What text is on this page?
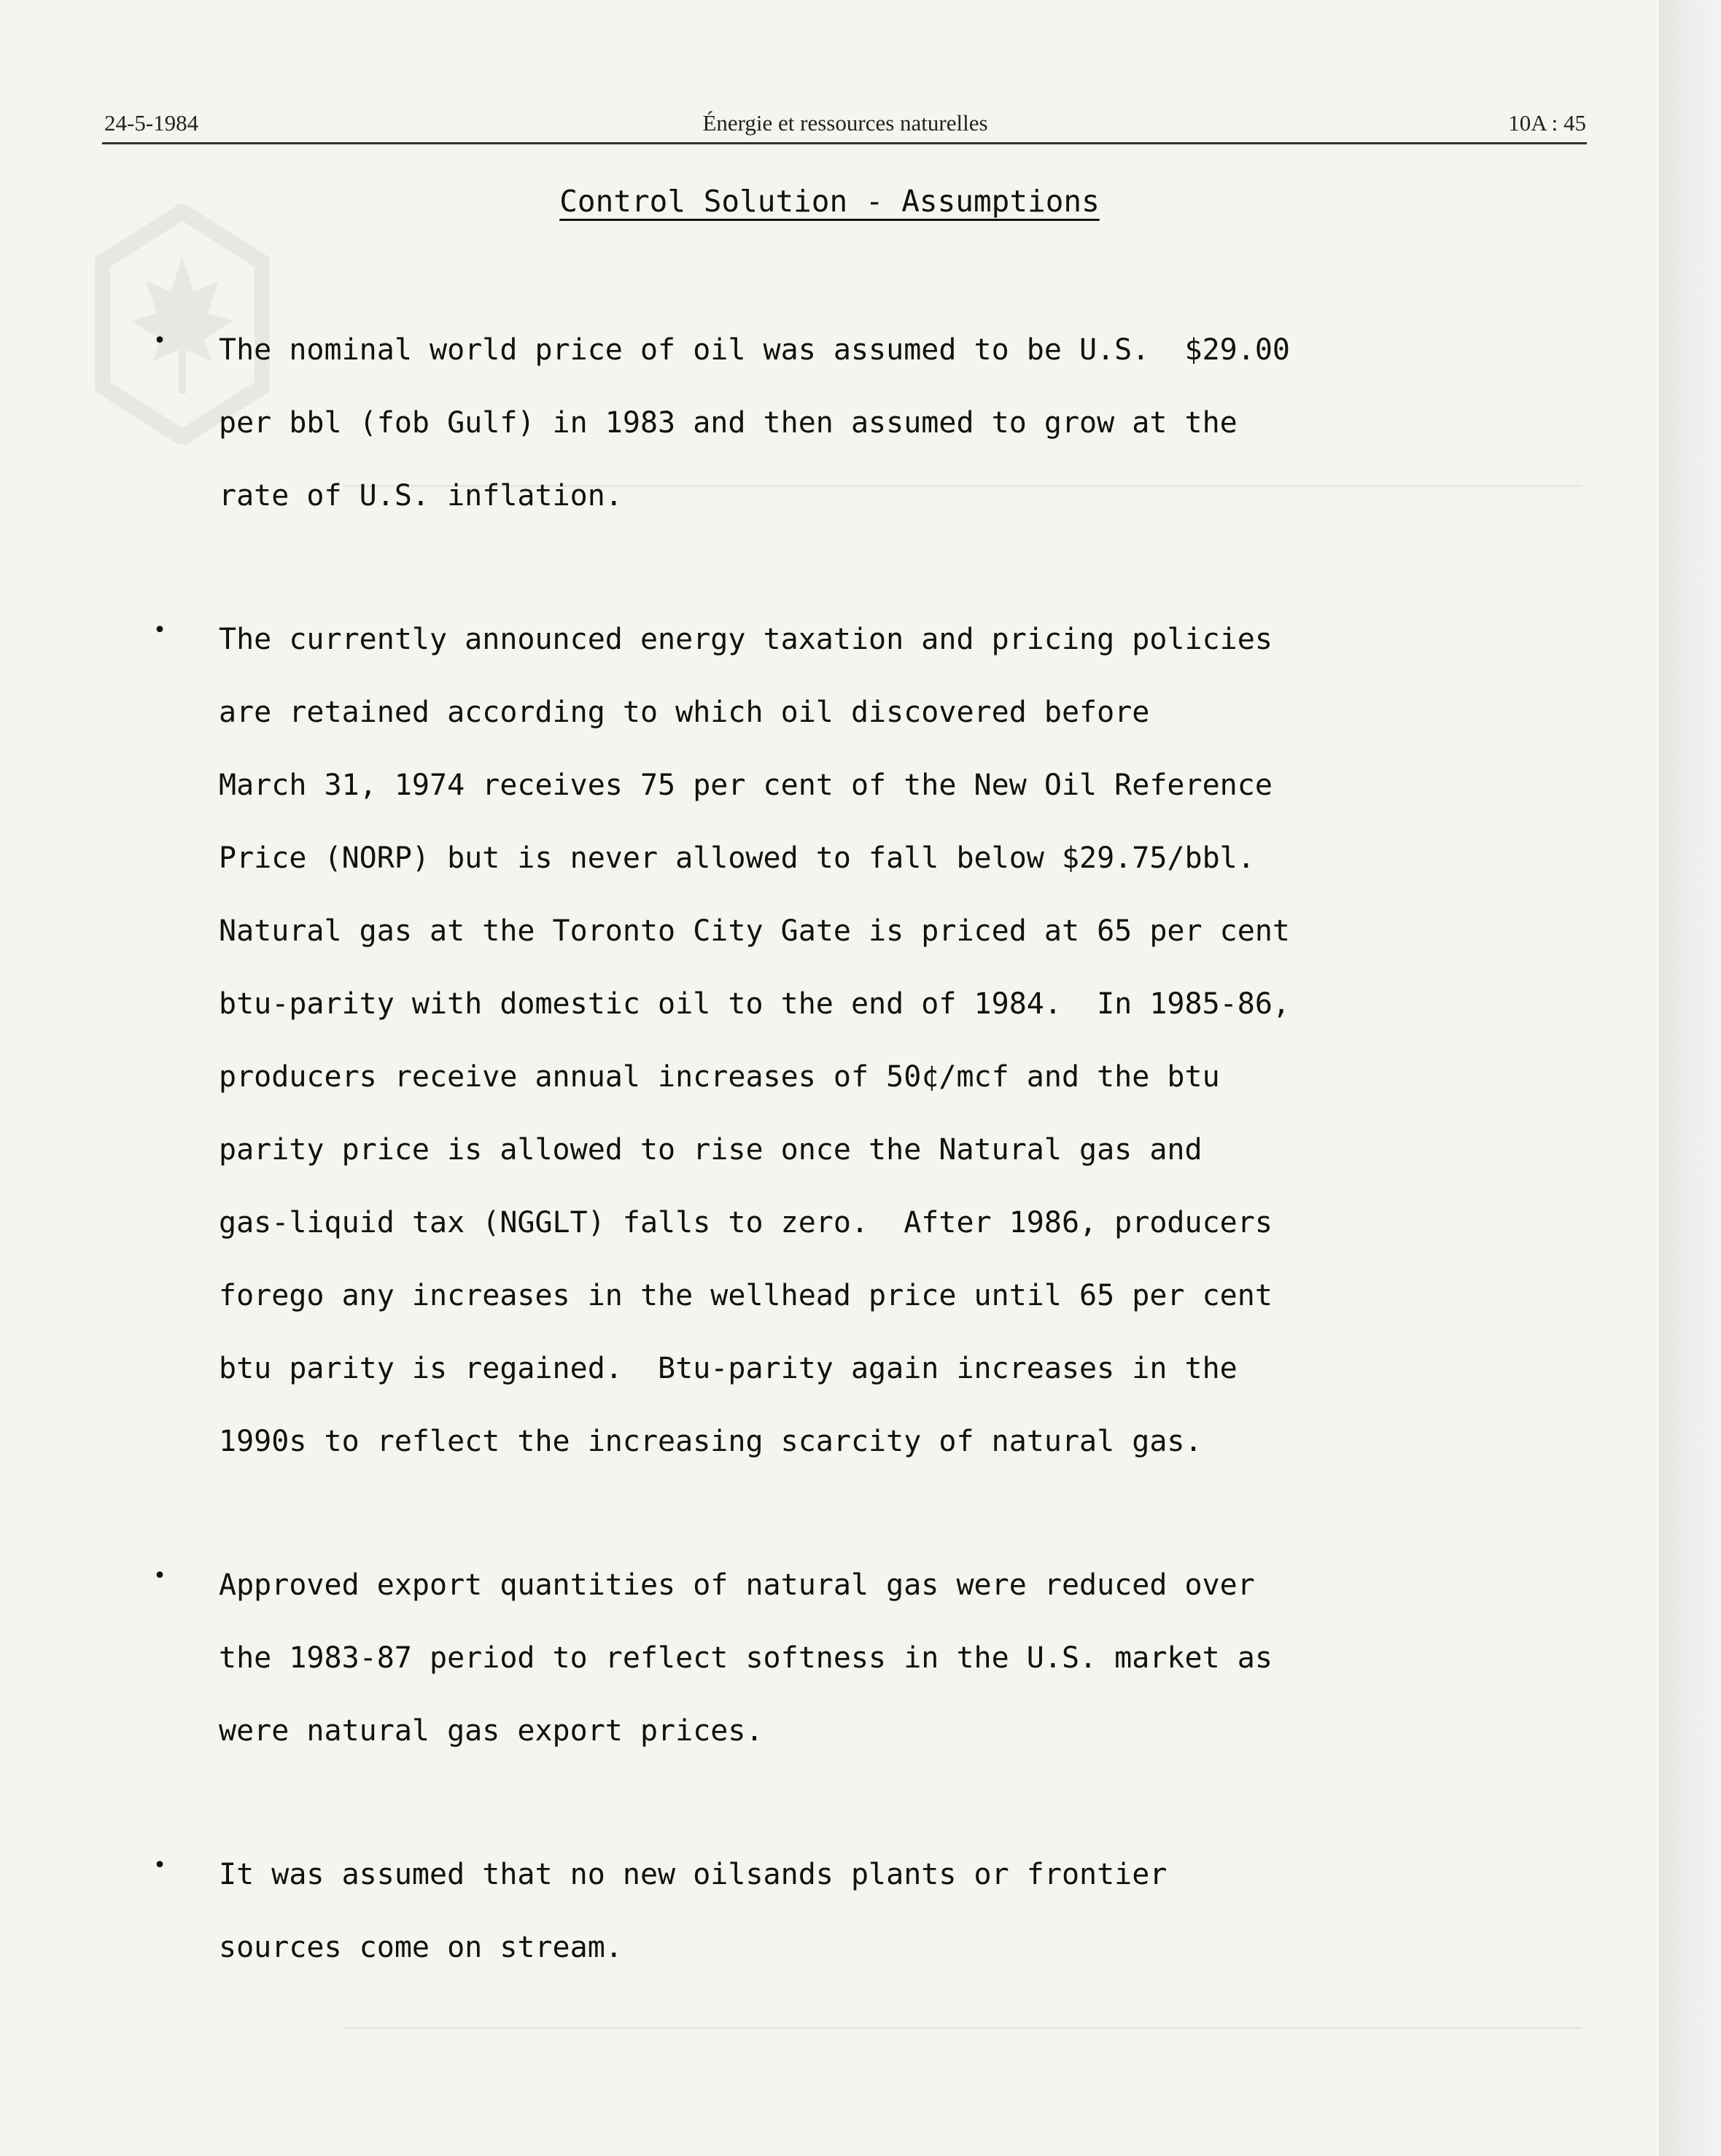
24-5-1984	Énergie et ressources naturelles	10A : 45
Control Solution - Assumptions
• The nominal world price of oil was assumed to be U.S.  $29.00
per bbl (fob Gulf) in 1983 and then assumed to grow at the
rate of U.S. inflation.
• The currently announced energy taxation and pricing policies
are retained according to which oil discovered before
March 31, 1974 receives 75 per cent of the New Oil Reference
Price (NORP) but is never allowed to fall below $29.75/bbl.
Natural gas at the Toronto City Gate is priced at 65 per cent
btu-parity with domestic oil to the end of 1984.  In 1985-86,
producers receive annual increases of 50¢/mcf and the btu
parity price is allowed to rise once the Natural gas and
gas-liquid tax (NGGLT) falls to zero.  After 1986, producers
forego any increases in the wellhead price until 65 per cent
btu parity is regained.  Btu-parity again increases in the
1990s to reflect the increasing scarcity of natural gas.
• Approved export quantities of natural gas were reduced over
the 1983-87 period to reflect softness in the U.S. market as
were natural gas export prices.
• It was assumed that no new oilsands plants or frontier
sources come on stream.
